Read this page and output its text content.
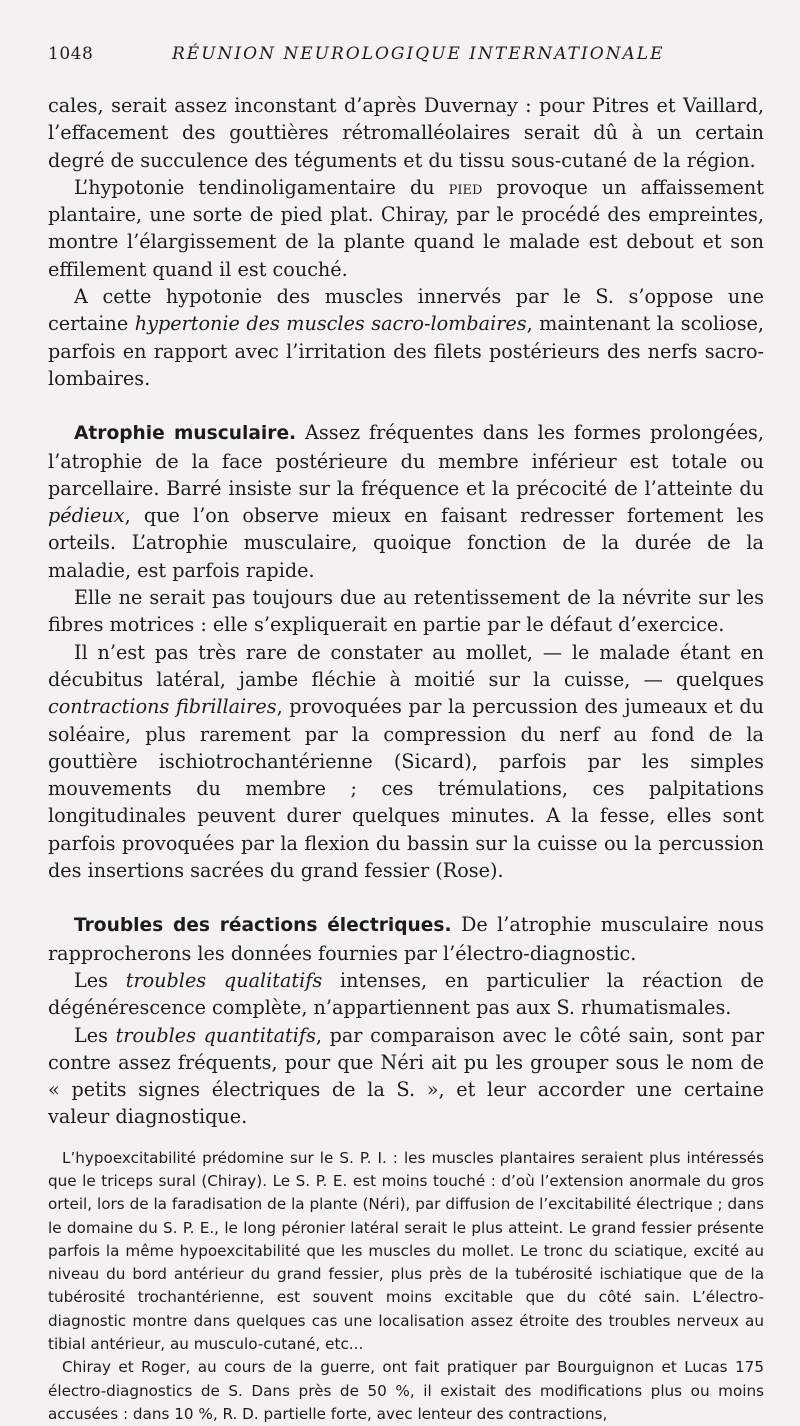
1048	RÉUNION NEUROLOGIQUE INTERNATIONALE

cales, serait assez inconstant d’après Duvernay : pour Pitres et Vaillard, l’effacement des gouttières rétromalléolaires serait dû à un certain degré de succulence des téguments et du tissu sous-cutané de la région.

L’hypotonie tendinoligamentaire du pied provoque un affaissement plantaire, une sorte de pied plat. Chiray, par le procédé des empreintes, montre l’élargissement de la plante quand le malade est debout et son effilement quand il est couché.

A cette hypotonie des muscles innervés par le S. s’oppose une certaine hypertonie des muscles sacro-lombaires, maintenant la scoliose, parfois en rapport avec l’irritation des filets postérieurs des nerfs sacro-lombaires.

Atrophie musculaire. Assez fréquentes dans les formes prolongées, l’atrophie de la face postérieure du membre inférieur est totale ou parcellaire. Barré insiste sur la fréquence et la précocité de l’atteinte du pédieux, que l’on observe mieux en faisant redresser fortement les orteils. L’atrophie musculaire, quoique fonction de la durée de la maladie, est parfois rapide.

Elle ne serait pas toujours due au retentissement de la névrite sur les fibres motrices : elle s’expliquerait en partie par le défaut d’exercice.

Il n’est pas très rare de constater au mollet, — le malade étant en décubitus latéral, jambe fléchie à moitié sur la cuisse, — quelques contractions fibrillaires, provoquées par la percussion des jumeaux et du soléaire, plus rarement par la compression du nerf au fond de la gouttière ischiotrochantérienne (Sicard), parfois par les simples mouvements du membre ; ces trémulations, ces palpitations longitudinales peuvent durer quelques minutes. A la fesse, elles sont parfois provoquées par la flexion du bassin sur la cuisse ou la percussion des insertions sacrées du grand fessier (Rose).

Troubles des réactions électriques. De l’atrophie musculaire nous rapprocherons les données fournies par l’électro-diagnostic.

Les troubles qualitatifs intenses, en particulier la réaction de dégénérescence complète, n’appartiennent pas aux S. rhumatismales.

Les troubles quantitatifs, par comparaison avec le côté sain, sont par contre assez fréquents, pour que Néri ait pu les grouper sous le nom de « petits signes électriques de la S. », et leur accorder une certaine valeur diagnostique.

L’hypoexcitabilité prédomine sur le S. P. I. : les muscles plantaires seraient plus intéressés que le triceps sural (Chiray). Le S. P. E. est moins touché : d’où l’extension anormale du gros orteil, lors de la faradisation de la plante (Néri), par diffusion de l’excitabilité électrique ; dans le domaine du S. P. E., le long péronier latéral serait le plus atteint. Le grand fessier présente parfois la même hypoexcitabilité que les muscles du mollet. Le tronc du sciatique, excité au niveau du bord antérieur du grand fessier, plus près de la tubérosité ischiatique que de la tubérosité trochantérienne, est souvent moins excitable que du côté sain. L’électro-diagnostic montre dans quelques cas une localisation assez étroite des troubles nerveux au tibial antérieur, au musculo-cutané, etc...

Chiray et Roger, au cours de la guerre, ont fait pratiquer par Bourguignon et Lucas 175 électro-diagnostics de S. Dans près de 50 %, il existait des modifications plus ou moins accusées : dans 10 %, R. D. partielle forte, avec lenteur des contractions,
